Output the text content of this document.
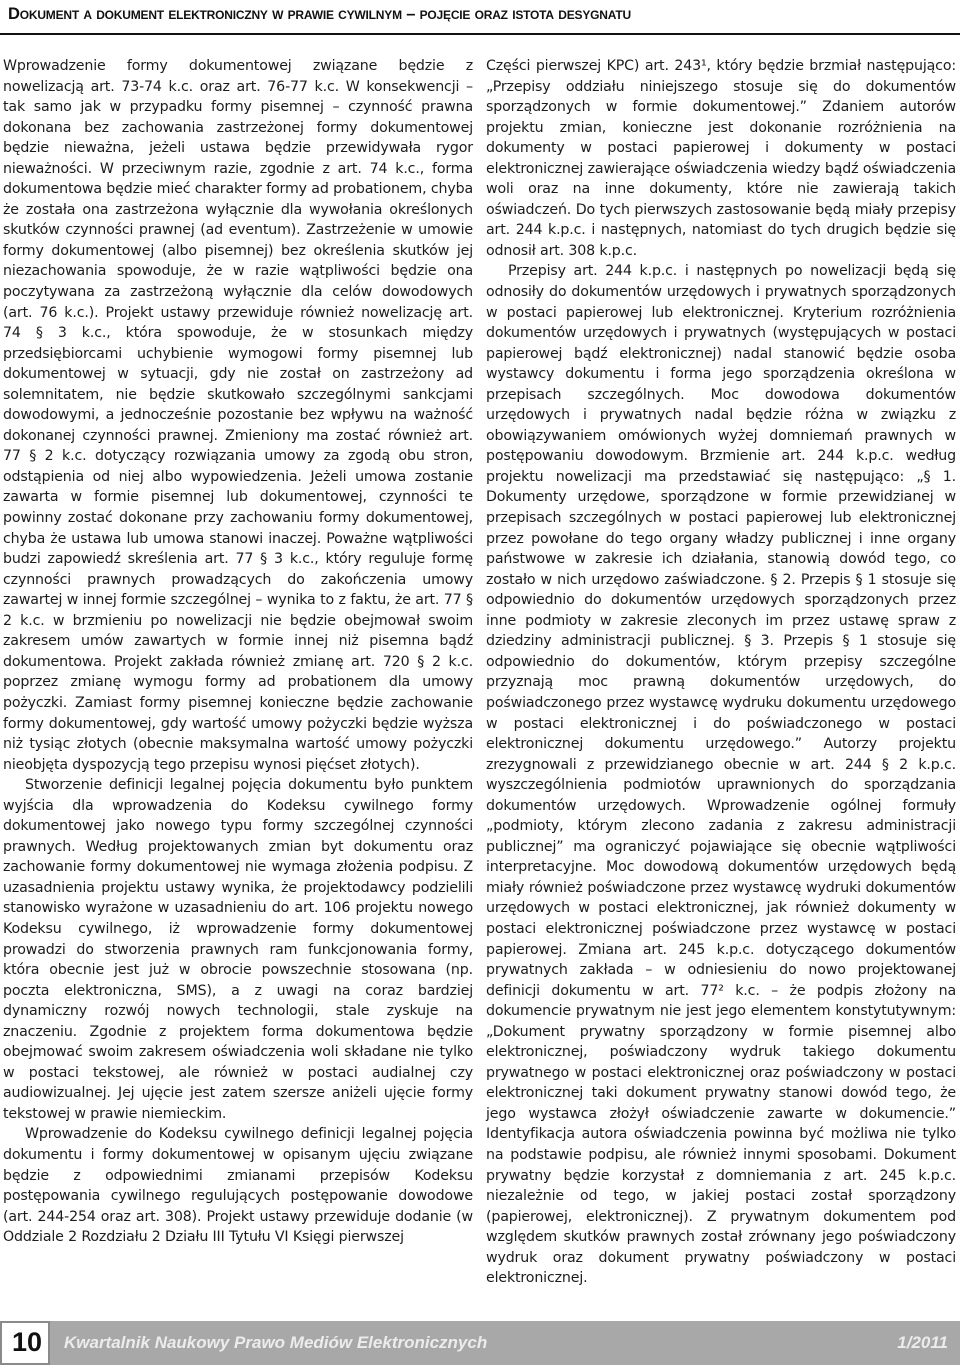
Dokument a dokument elektroniczny w prawie cywilnym – pojęcie oraz istota desygnatu

Wprowadzenie formy dokumentowej związane będzie z nowelizacją art. 73-74 k.c. oraz art. 76-77 k.c. W konsekwencji – tak samo jak w przypadku formy pisemnej – czynność prawna dokonana bez zachowania zastrzeżonej formy dokumentowej będzie nieważna, jeżeli ustawa będzie przewidywała rygor nieważności. W przeciwnym razie, zgodnie z art. 74 k.c., forma dokumentowa będzie mieć charakter formy ad probationem, chyba że została ona zastrzeżona wyłącznie dla wywołania określonych skutków czynności prawnej (ad eventum). Zastrzeżenie w umowie formy dokumentowej (albo pisemnej) bez określenia skutków jej niezachowania spowoduje, że w razie wątpliwości będzie ona poczytywana za zastrzeżoną wyłącznie dla celów dowodowych (art. 76 k.c.). Projekt ustawy przewiduje również nowelizację art. 74 § 3 k.c., która spowoduje, że w stosunkach między przedsiębiorcami uchybienie wymogowi formy pisemnej lub dokumentowej w sytuacji, gdy nie został on zastrzeżony ad solemnitatem, nie będzie skutkowało szczególnymi sankcjami dowodowymi, a jednocześnie pozostanie bez wpływu na ważność dokonanej czynności prawnej. Zmieniony ma zostać również art. 77 § 2 k.c. dotyczący rozwiązania umowy za zgodą obu stron, odstąpienia od niej albo wypowiedzenia. Jeżeli umowa zostanie zawarta w formie pisemnej lub dokumentowej, czynności te powinny zostać dokonane przy zachowaniu formy dokumentowej, chyba że ustawa lub umowa stanowi inaczej. Poważne wątpliwości budzi zapowiedź skreślenia art. 77 § 3 k.c., który reguluje formę czynności prawnych prowadzących do zakończenia umowy zawartej w innej formie szczególnej – wynika to z faktu, że art. 77 § 2 k.c. w brzmieniu po nowelizacji nie będzie obejmował swoim zakresem umów zawartych w formie innej niż pisemna bądź dokumentowa. Projekt zakłada również zmianę art. 720 § 2 k.c. poprzez zmianę wymogu formy ad probationem dla umowy pożyczki. Zamiast formy pisemnej konieczne będzie zachowanie formy dokumentowej, gdy wartość umowy pożyczki będzie wyższa niż tysiąc złotych (obecnie maksymalna wartość umowy pożyczki nieobjęta dyspozycją tego przepisu wynosi pięćset złotych).

Stworzenie definicji legalnej pojęcia dokumentu było punktem wyjścia dla wprowadzenia do Kodeksu cywilnego formy dokumentowej jako nowego typu formy szczególnej czynności prawnych. Według projektowanych zmian byt dokumentu oraz zachowanie formy dokumentowej nie wymaga złożenia podpisu. Z uzasadnienia projektu ustawy wynika, że projektodawcy podzielili stanowisko wyrażone w uzasadnieniu do art. 106 projektu nowego Kodeksu cywilnego, iż wprowadzenie formy dokumentowej prowadzi do stworzenia prawnych ram funkcjonowania formy, która obecnie jest już w obrocie powszechnie stosowana (np. poczta elektroniczna, SMS), a z uwagi na coraz bardziej dynamiczny rozwój nowych technologii, stale zyskuje na znaczeniu. Zgodnie z projektem forma dokumentowa będzie obejmować swoim zakresem oświadczenia woli składane nie tylko w postaci tekstowej, ale również w postaci audialnej czy audiowizualnej. Jej ujęcie jest zatem szersze aniżeli ujęcie formy tekstowej w prawie niemieckim.

Wprowadzenie do Kodeksu cywilnego definicji legalnej pojęcia dokumentu i formy dokumentowej w opisanym ujęciu związane będzie z odpowiednimi zmianami przepisów Kodeksu postępowania cywilnego regulujących postępowanie dowodowe (art. 244-254 oraz art. 308). Projekt ustawy przewiduje dodanie (w Oddziale 2 Rozdziału 2 Działu III Tytułu VI Księgi pierwszej

Części pierwszej KPC) art. 243¹, który będzie brzmiał następująco: „Przepisy oddziału niniejszego stosuje się do dokumentów sporządzonych w formie dokumentowej.” Zdaniem autorów projektu zmian, konieczne jest dokonanie rozróżnienia na dokumenty w postaci papierowej i dokumenty w postaci elektronicznej zawierające oświadczenia wiedzy bądź oświadczenia woli oraz na inne dokumenty, które nie zawierają takich oświadczeń. Do tych pierwszych zastosowanie będą miały przepisy art. 244 k.p.c. i następnych, natomiast do tych drugich będzie się odnosił art. 308 k.p.c.

Przepisy art. 244 k.p.c. i następnych po nowelizacji będą się odnosiły do dokumentów urzędowych i prywatnych sporządzonych w postaci papierowej lub elektronicznej. Kryterium rozróżnienia dokumentów urzędowych i prywatnych (występujących w postaci papierowej bądź elektronicznej) nadal stanowić będzie osoba wystawcy dokumentu i forma jego sporządzenia określona w przepisach szczególnych. Moc dowodowa dokumentów urzędowych i prywatnych nadal będzie różna w związku z obowiązywaniem omówionych wyżej domniemań prawnych w postępowaniu dowodowym. Brzmienie art. 244 k.p.c. według projektu nowelizacji ma przedstawiać się następująco: „§ 1. Dokumenty urzędowe, sporządzone w formie przewidzianej w przepisach szczególnych w postaci papierowej lub elektronicznej przez powołane do tego organy władzy publicznej i inne organy państwowe w zakresie ich działania, stanowią dowód tego, co zostało w nich urzędowo zaświadczone. § 2. Przepis § 1 stosuje się odpowiednio do dokumentów urzędowych sporządzonych przez inne podmioty w zakresie zleconych im przez ustawę spraw z dziedziny administracji publicznej. § 3. Przepis § 1 stosuje się odpowiednio do dokumentów, którym przepisy szczególne przyznają moc prawną dokumentów urzędowych, do poświadczonego przez wystawcę wydruku dokumentu urzędowego w postaci elektronicznej i do poświadczonego w postaci elektronicznej dokumentu urzędowego.” Autorzy projektu zrezygnowali z przewidzianego obecnie w art. 244 § 2 k.p.c. wyszczególnienia podmiotów uprawnionych do sporządzania dokumentów urzędowych. Wprowadzenie ogólnej formuły „podmioty, którym zlecono zadania z zakresu administracji publicznej” ma ograniczyć pojawiające się obecnie wątpliwości interpretacyjne. Moc dowodową dokumentów urzędowych będą miały również poświadczone przez wystawcę wydruki dokumentów urzędowych w postaci elektronicznej, jak również dokumenty w postaci elektronicznej poświadczone przez wystawcę w postaci papierowej. Zmiana art. 245 k.p.c. dotyczącego dokumentów prywatnych zakłada – w odniesieniu do nowo projektowanej definicji dokumentu w art. 77² k.c. – że podpis złożony na dokumencie prywatnym nie jest jego elementem konstytutywnym: „Dokument prywatny sporządzony w formie pisemnej albo elektronicznej, poświadczony wydruk takiego dokumentu prywatnego w postaci elektronicznej oraz poświadczony w postaci elektronicznej taki dokument prywatny stanowi dowód tego, że jego wystawca złożył oświadczenie zawarte w dokumencie.” Identyfikacja autora oświadczenia powinna być możliwa nie tylko na podstawie podpisu, ale również innymi sposobami. Dokument prywatny będzie korzystał z domniemania z art. 245 k.p.c. niezależnie od tego, w jakiej postaci został sporządzony (papierowej, elektronicznej). Z prywatnym dokumentem pod względem skutków prawnych został zrównany jego poświadczony wydruk oraz dokument prywatny poświadczony w postaci elektronicznej.

10	Kwartalnik Naukowy Prawo Mediów Elektronicznych	1/2011
